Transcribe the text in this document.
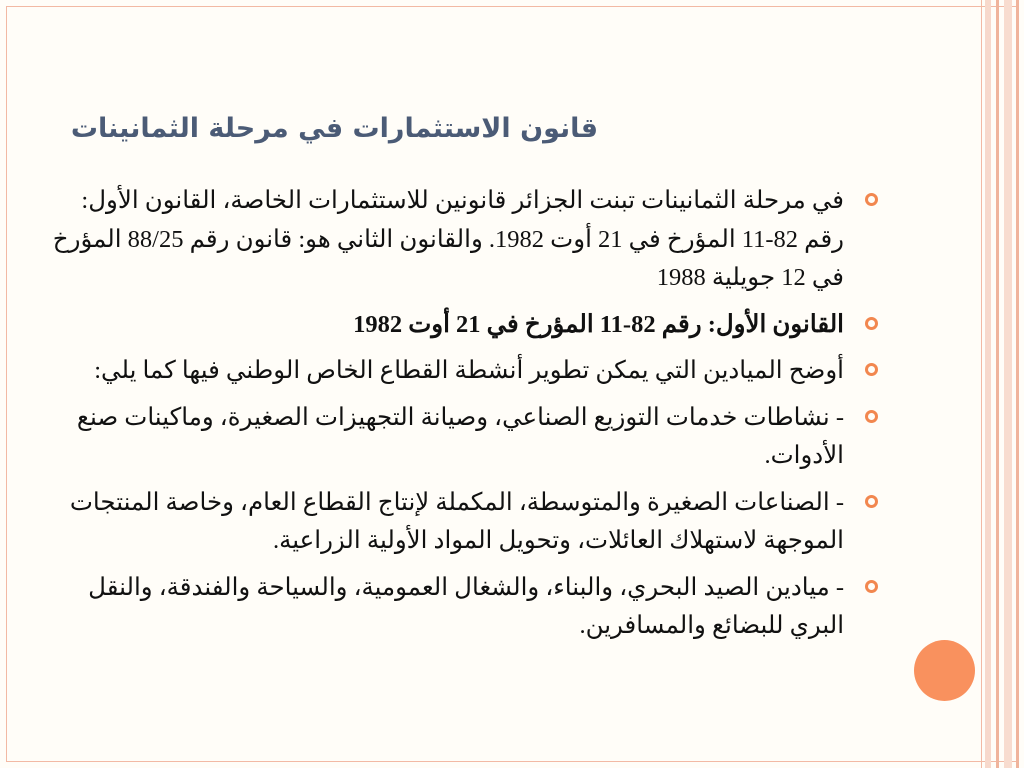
قانون الاستثمارات في مرحلة الثمانينات
في مرحلة الثمانينات تبنت الجزائر قانونين للاستثمارات الخاصة، القانون الأول: رقم 82-11 المؤرخ في 21 أوت 1982. والقانون الثاني هو: قانون رقم 88/25 المؤرخ في 12 جويلية 1988
القانون الأول: رقم 82-11 المؤرخ في 21 أوت 1982
أوضح الميادين التي يمكن تطوير أنشطة القطاع الخاص الوطني فيها كما يلي:
- نشاطات خدمات التوزيع الصناعي، وصيانة التجهيزات الصغيرة، وماكينات صنع الأدوات.
- الصناعات الصغيرة والمتوسطة، المكملة لإنتاج القطاع العام، وخاصة المنتجات الموجهة لاستهلاك العائلات، وتحويل المواد الأولية الزراعية.
- ميادين الصيد البحري، والبناء، والشغال العمومية، والسياحة والفندقة، والنقل البري للبضائع والمسافرين.
